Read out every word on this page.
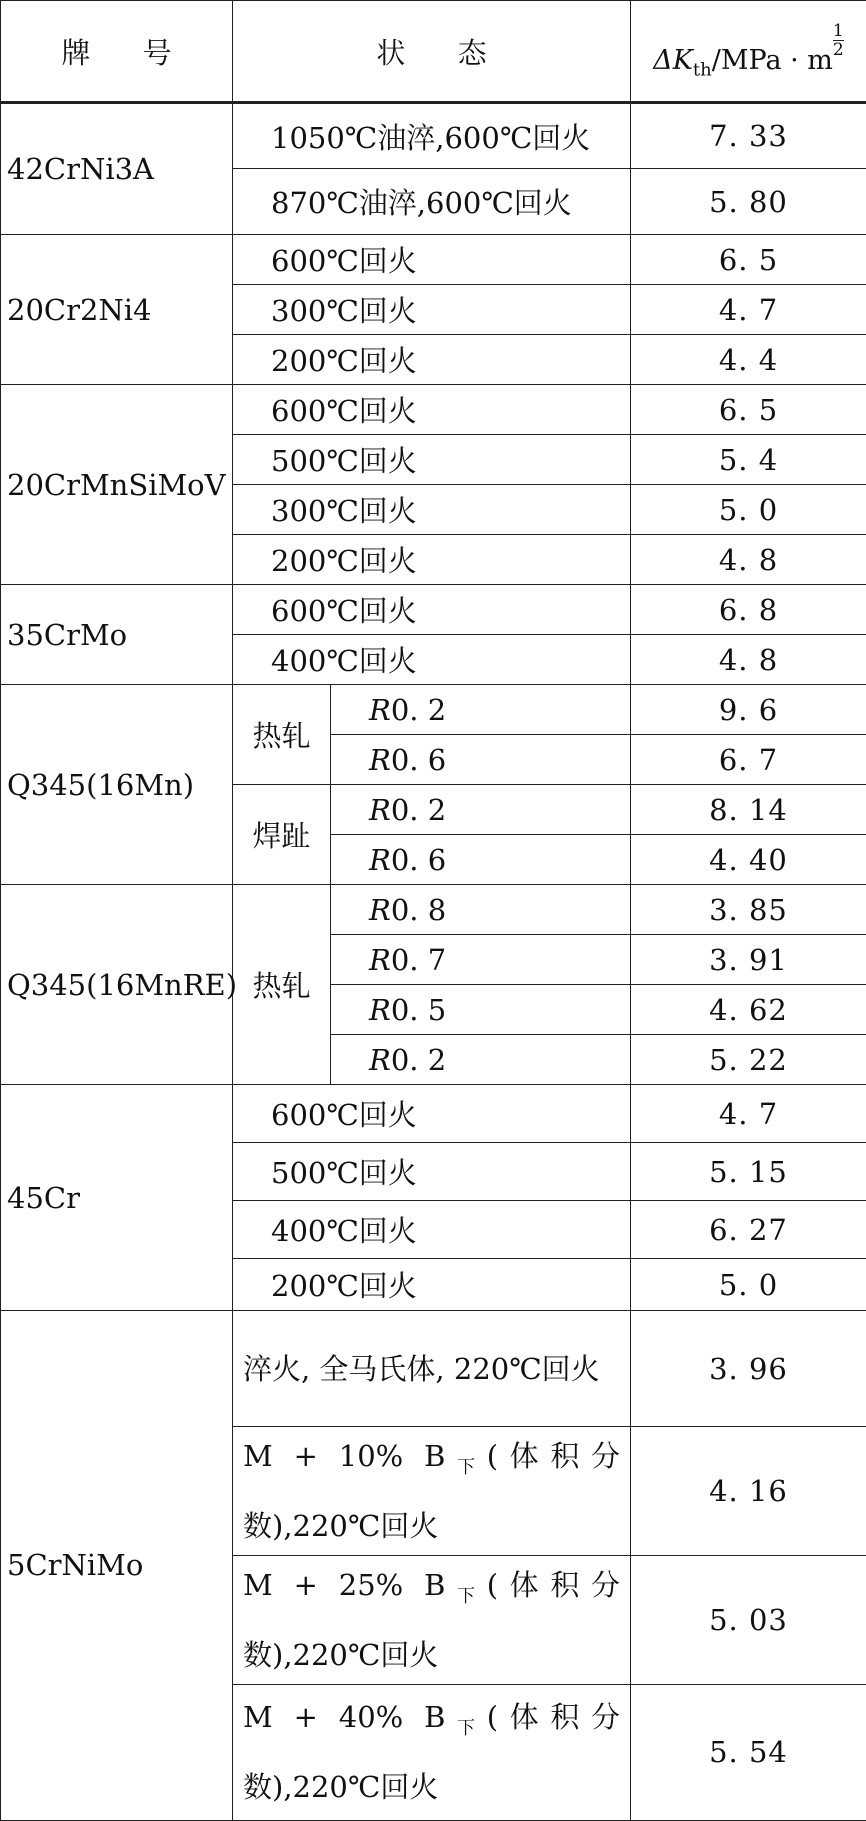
牌 号	状 态		$\Delta K_{th}$/MPa · m
$\frac{1}{2}$

42CrNi3A	1050℃油淬,600℃回火		7. 33
	870℃油淬,600℃回火		5. 80
20Cr2Ni4	600℃回火		6. 5
	300℃回火		4. 7
	200℃回火		4. 4
20CrMnSiMoV	600℃回火		6. 5
	500℃回火		5. 4
	300℃回火		5. 0
	200℃回火		4. 8
35CrMo	600℃回火		6. 8
	400℃回火		4. 8
Q345(16Mn)	热轧	R0. 2	9. 6
		R0. 6	6. 7
	焊趾	R0. 2	8. 14
		R0. 6	4. 40
Q345(16MnRE)	热轧	R0. 8	3. 85
		R0. 7	3. 91
		R0. 5	4. 62
		R0. 2	5. 22
45Cr	600℃回火		4. 7
	500℃回火		5. 15
	400℃回火		6. 27
	200℃回火		5. 0
5CrNiMo	淬火, 全马氏体, 220℃回火		3. 96
	M + 10% $B_下$(体积分数),220℃回火		4. 16
	M + 25% $B_下$(体积分数),220℃回火		5. 03
	M + 40% $B_下$(体积分数),220℃回火		5. 54
